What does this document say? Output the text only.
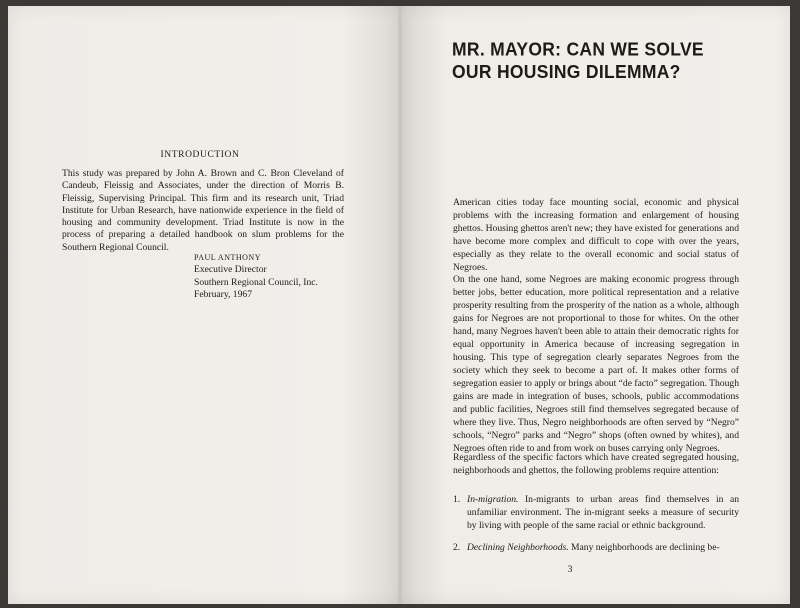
INTRODUCTION
This study was prepared by John A. Brown and C. Bron Cleveland of Candeub, Fleissig and Associates, under the direction of Morris B. Fleissig, Supervising Principal. This firm and its research unit, Triad Institute for Urban Research, have nationwide experience in the field of housing and community development. Triad Institute is now in the process of preparing a detailed handbook on slum problems for the Southern Regional Council.
PAUL ANTHONY
Executive Director
Southern Regional Council, Inc.
February, 1967
MR. MAYOR: CAN WE SOLVE
OUR HOUSING DILEMMA?
American cities today face mounting social, economic and physical problems with the increasing formation and enlargement of housing ghettos. Housing ghettos aren't new; they have existed for generations and have become more complex and difficult to cope with over the years, especially as they relate to the overall economic and social status of Negroes.
On the one hand, some Negroes are making economic progress through better jobs, better education, more political representation and a relative prosperity resulting from the prosperity of the nation as a whole, although gains for Negroes are not proportional to those for whites. On the other hand, many Negroes haven't been able to attain their democratic rights for equal opportunity in America because of increasing segregation in housing. This type of segregation clearly separates Negroes from the society which they seek to become a part of. It makes other forms of segregation easier to apply or brings about “de facto” segregation. Though gains are made in integration of buses, schools, public accommodations and public facilities, Negroes still find themselves segregated because of where they live. Thus, Negro neighborhoods are often served by “Negro” schools, “Negro” parks and “Negro” shops (often owned by whites), and Negroes often ride to and from work on buses carrying only Negroes.
Regardless of the specific factors which have created segregated housing, neighborhoods and ghettos, the following problems require attention:
1. In-migration. In-migrants to urban areas find themselves in an unfamiliar environment. The in-migrant seeks a measure of security by living with people of the same racial or ethnic background.
2. Declining Neighborhoods. Many neighborhoods are declining be-
3
